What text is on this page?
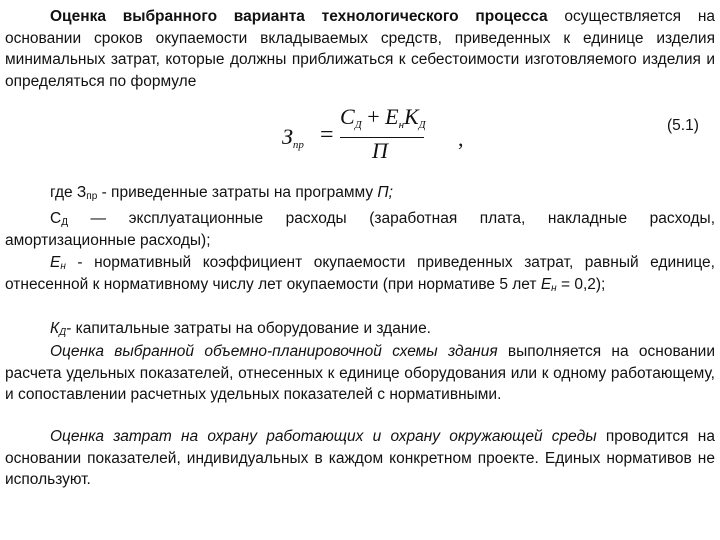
Оценка выбранного варианта технологического процесса осуществляется на основании сроков окупаемости вкладываемых средств, приведенных к единице изделия минимальных затрат, которые должны приближаться к себестоимости изготовляемого изделия и определяться по формуле

$З_{пр}$ =
$С_Д + Е_нК_Д$
П	,
(5.1)

где $З_{пр}$ - приведенные затраты на программу П;

$С_Д$ — эксплуатационные расходы (заработная плата, накладные расходы, амортизационные расходы);

$Е_н$ - нормативный коэффициент окупаемости приведенных затрат, равный единице, отнесенной к нормативному числу лет окупаемости (при нормативе 5 лет $Е_н = 0,2$);

$К_Д-$ капитальные затраты на оборудование и здание.

Оценка выбранной объемно-планировочной схемы здания выполняется на основании расчета удельных показателей, отнесенных к единице оборудования или к одному работающему, и сопоставлении расчетных удельных показателей с нормативными.

Оценка затрат на охрану работающих и охрану окружающей среды проводится на основании показателей, индивидуальных в каждом конкретном проекте. Единых нормативов не используют.
